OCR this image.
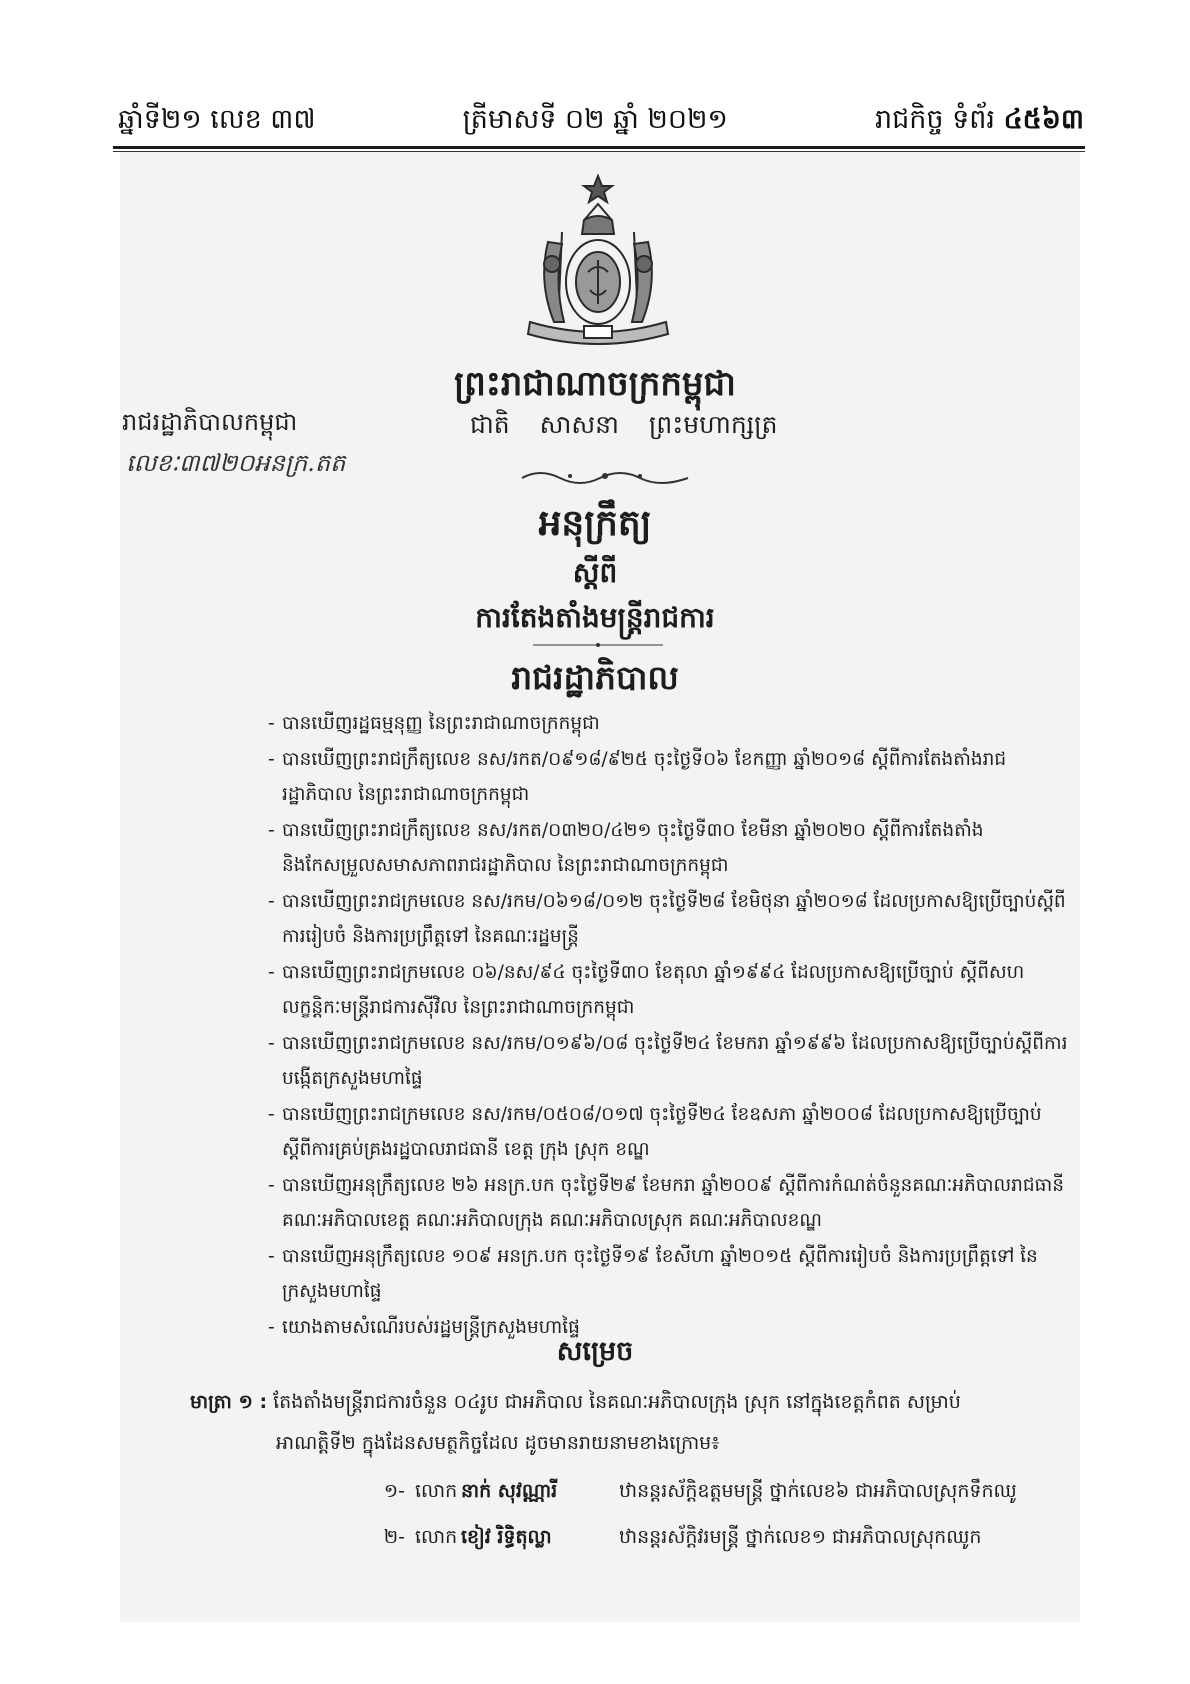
ឆ្នាំទី២១ លេខ ៣៧	ត្រីមាសទី ០២ ឆ្នាំ ២០២១	រាជកិច្ច ទំព័រ ៤៥៦៣
ព្រះរាជាណាចក្រកម្ពុជា
រាជរដ្ឋាភិបាលកម្ពុជា	ជាតិ សាសនា ព្រះមហាក្សត្រ
លេខៈ៣៧២០អនក្រ.តត
អនុក្រឹត្យ
ស្តីពី
ការតែងតាំងមន្ត្រីរាជការ
រាជរដ្ឋាភិបាល

- បានឃើញរដ្ឋធម្មនុញ្ញ នៃព្រះរាជាណាចក្រកម្ពុជា

- បានឃើញព្រះរាជក្រឹត្យលេខ នស/រកត/០៩១៨/៩២៥ ចុះថ្ងៃទី០៦ ខែកញ្ញា ឆ្នាំ២០១៨ ស្តីពីការតែងតាំងរាជរដ្ឋាភិបាល នៃព្រះរាជាណាចក្រកម្ពុជា

- បានឃើញព្រះរាជក្រឹត្យលេខ នស/រកត/០៣២០/៤២១ ចុះថ្ងៃទី៣០ ខែមីនា ឆ្នាំ២០២០ ស្តីពីការតែងតាំង និងកែសម្រួលសមាសភាពរាជរដ្ឋាភិបាល នៃព្រះរាជាណាចក្រកម្ពុជា

- បានឃើញព្រះរាជក្រមលេខ នស/រកម/០៦១៨/០១២ ចុះថ្ងៃទី២៨ ខែមិថុនា ឆ្នាំ២០១៨ ដែលប្រកាសឱ្យប្រើច្បាប់ស្តីពីការរៀបចំ និងការប្រព្រឹត្តទៅ នៃគណៈរដ្ឋមន្ត្រី

- បានឃើញព្រះរាជក្រមលេខ ០៦/នស/៩៤ ចុះថ្ងៃទី៣០ ខែតុលា ឆ្នាំ១៩៩៤ ដែលប្រកាសឱ្យប្រើច្បាប់ ស្តីពីសហលក្ខន្តិកៈមន្ត្រីរាជការស៊ីវិល នៃព្រះរាជាណាចក្រកម្ពុជា

- បានឃើញព្រះរាជក្រមលេខ នស/រកម/០១៩៦/០៨ ចុះថ្ងៃទី២៤ ខែមករា ឆ្នាំ១៩៩៦ ដែលប្រកាសឱ្យប្រើច្បាប់ស្តីពីការបង្កើតក្រសួងមហាផ្ទៃ

- បានឃើញព្រះរាជក្រមលេខ នស/រកម/០៥០៨/០១៧ ចុះថ្ងៃទី២៤ ខែឧសភា ឆ្នាំ២០០៨ ដែលប្រកាសឱ្យប្រើច្បាប់ស្តីពីការគ្រប់គ្រងរដ្ឋបាលរាជធានី ខេត្ត ក្រុង ស្រុក ខណ្ឌ

- បានឃើញអនុក្រឹត្យលេខ ២៦ អនក្រ.បក ចុះថ្ងៃទី២៩ ខែមករា ឆ្នាំ២០០៩ ស្តីពីការកំណត់ចំនួនគណៈអភិបាលរាជធានី គណៈអភិបាលខេត្ត គណៈអភិបាលក្រុង គណៈអភិបាលស្រុក គណៈអភិបាលខណ្ឌ

- បានឃើញអនុក្រឹត្យលេខ ១០៩ អនក្រ.បក ចុះថ្ងៃទី១៩ ខែសីហា ឆ្នាំ២០១៥ ស្តីពីការរៀបចំ និងការប្រព្រឹត្តទៅ នៃក្រសួងមហាផ្ទៃ

- យោងតាមសំណើរបស់រដ្ឋមន្ត្រីក្រសួងមហាផ្ទៃ

សម្រេច
មាត្រា ១ : តែងតាំងមន្ត្រីរាជការចំនួន ០៤រូប ជាអភិបាល នៃគណៈអភិបាលក្រុង ស្រុក នៅក្នុងខេត្តកំពត សម្រាប់
អាណត្តិទី២ ក្នុងដែនសមត្ថកិច្ចដែល ដូចមានរាយនាមខាងក្រោម៖
១- លោក នាក់ សុវណ្ណារី	ឋានន្តរស័ក្តិឧត្តមមន្ត្រី ថ្នាក់លេខ៦ ជាអភិបាលស្រុកទឹកឈូ
២- លោក ខៀវ រិទ្ធិតុល្លា	ឋានន្តរស័ក្តិវរមន្ត្រី ថ្នាក់លេខ១ ជាអភិបាលស្រុកឈូក
